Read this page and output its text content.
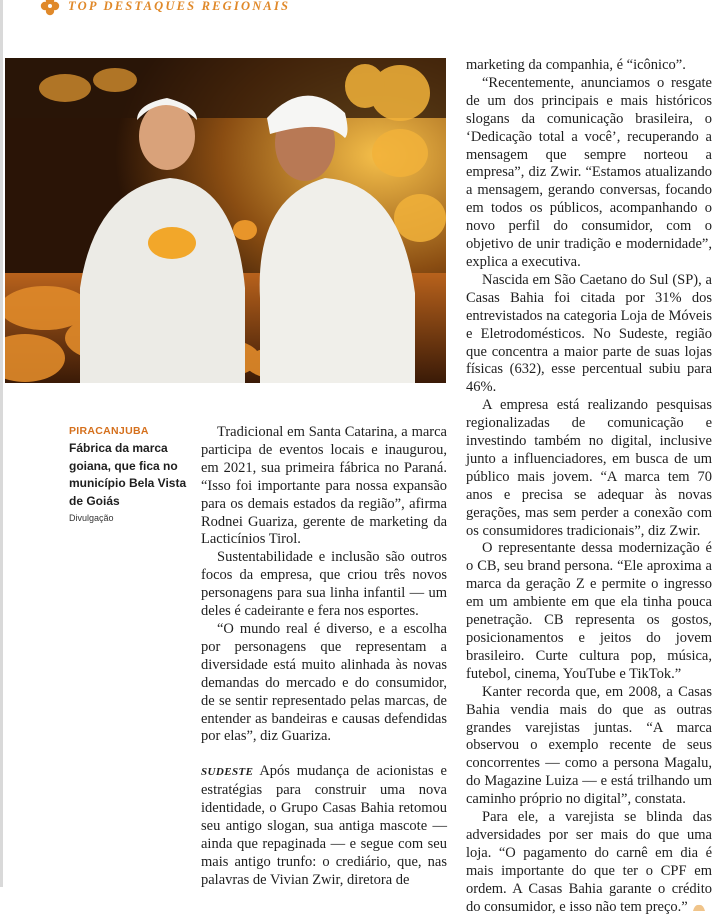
TOP DESTAQUES REGIONAIS
PIRACANJUBA
Fábrica da marca goiana, que fica no município Bela Vista de Goiás
Divulgação

Tradicional em Santa Catarina, a marca participa de eventos locais e inaugurou, em 2021, sua primeira fábrica no Paraná. “Isso foi importante para nossa expansão para os demais estados da região”, afirma Rodnei Guariza, gerente de marketing da Lacticínios Tirol.

Sustentabilidade e inclusão são outros focos da empresa, que criou três novos personagens para sua linha infantil — um deles é cadeirante e fera nos esportes.

“O mundo real é diverso, e a escolha por personagens que representam a diversidade está muito alinhada às novas demandas do mercado e do consumidor, de se sentir representado pelas marcas, de entender as bandeiras e causas defendidas por elas”, diz Guariza.

SUDESTE Após mudança de acionistas e estratégias para construir uma nova identidade, o Grupo Casas Bahia retomou seu antigo slogan, sua antiga mascote — ainda que repaginada — e segue com seu mais antigo trunfo: o crediário, que, nas palavras de Vivian Zwir, diretora de

marketing da companhia, é “icônico”.

“Recentemente, anunciamos o resgate de um dos principais e mais históricos slogans da comunicação brasileira, o ‘Dedicação total a você’, recuperando a mensagem que sempre norteou a empresa”, diz Zwir. “Estamos atualizando a mensagem, gerando conversas, focando em todos os públicos, acompanhando o novo perfil do consumidor, com o objetivo de unir tradição e modernidade”, explica a executiva.

Nascida em São Caetano do Sul (SP), a Casas Bahia foi citada por 31% dos entrevistados na categoria Loja de Móveis e Eletrodomésticos. No Sudeste, região que concentra a maior parte de suas lojas físicas (632), esse percentual subiu para 46%.

A empresa está realizando pesquisas regionalizadas de comunicação e investindo também no digital, inclusive junto a influenciadores, em busca de um público mais jovem. “A marca tem 70 anos e precisa se adequar às novas gerações, mas sem perder a conexão com os consumidores tradicionais”, diz Zwir.

O representante dessa modernização é o CB, seu brand persona. “Ele aproxima a marca da geração Z e permite o ingresso em um ambiente em que ela tinha pouca penetração. CB representa os gostos, posicionamentos e jeitos do jovem brasileiro. Curte cultura pop, música, futebol, cinema, YouTube e TikTok.”

Kanter recorda que, em 2008, a Casas Bahia vendia mais do que as outras grandes varejistas juntas. “A marca observou o exemplo recente de seus concorrentes — como a persona Magalu, do Magazine Luiza — e está trilhando um caminho próprio no digital”, constata.

Para ele, a varejista se blinda das adversidades por ser mais do que uma loja. “O pagamento do carnê em dia é mais importante do que ter o CPF em ordem. A Casas Bahia garante o crédito do consumidor, e isso não tem preço.”
